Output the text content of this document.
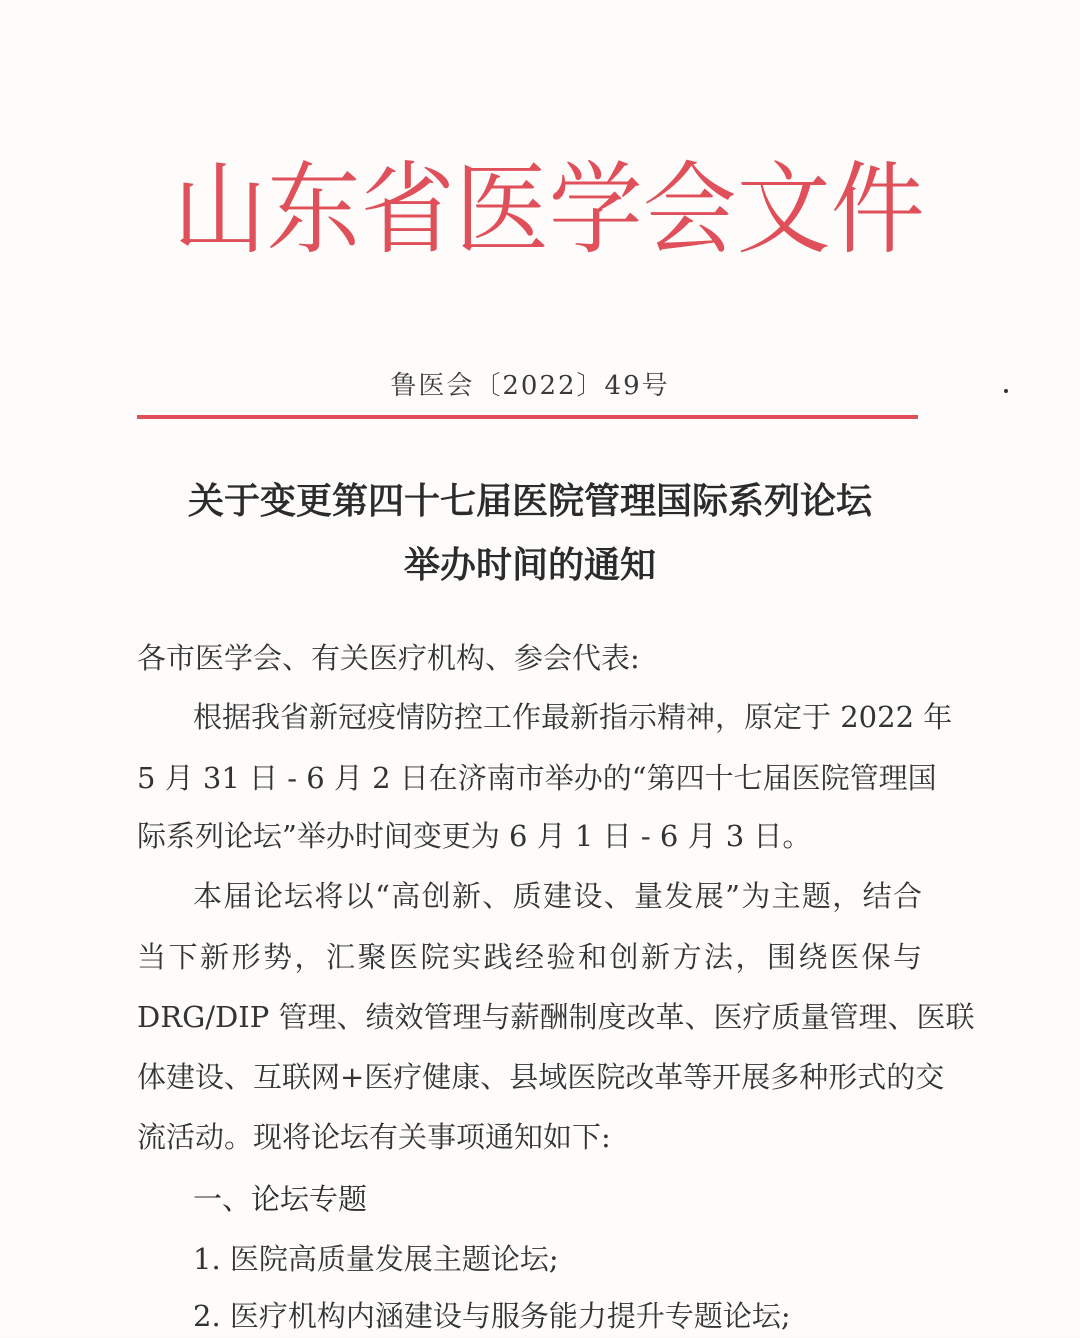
山东省医学会文件
鲁医会〔2022〕49号
关于变更第四十七届医院管理国际系列论坛
举办时间的通知
各市医学会、有关医疗机构、参会代表:
根据我省新冠疫情防控工作最新指示精神，原定于 2022 年
5 月 31 日 - 6 月 2 日在济南市举办的“第四十七届医院管理国
际系列论坛”举办时间变更为 6 月 1 日 - 6 月 3 日。
本届论坛将以“高创新、质建设、量发展”为主题，结合
当下新形势，汇聚医院实践经验和创新方法，围绕医保与
DRG/DIP 管理、绩效管理与薪酬制度改革、医疗质量管理、医联
体建设、互联网+医疗健康、县域医院改革等开展多种形式的交
流活动。现将论坛有关事项通知如下:
一、论坛专题
1. 医院高质量发展主题论坛;
2. 医疗机构内涵建设与服务能力提升专题论坛;
